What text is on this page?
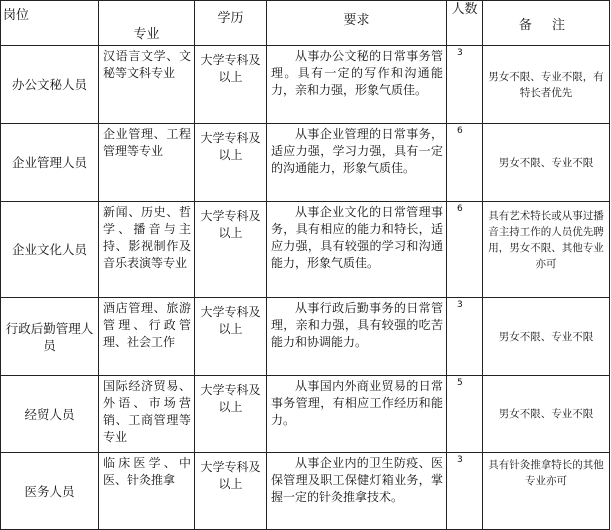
岗位	专业	学历	要求	人数	备 注
办公文秘人员	汉语言文学、文秘等文科专业	大学专科及以上	从事办公文秘的日常事务管理。具有一定的写作和沟通能力，亲和力强，形象气质佳。	3	男女不限、专业不限，有特长者优先
企业管理人员	企业管理、工程管理等专业	大学专科及以上	从事企业管理的日常事务，适应力强，学习力强，具有一定的沟通能力，形象气质佳。	6	男女不限、专业不限
企业文化人员	新闻、历史、哲学、播音与主持、影视制作及音乐表演等专业	大学专科及以上	从事企业文化的日常管理事务，具有相应的能力和特长，适应力强，具有较强的学习和沟通能力，形象气质佳。	6	具有艺术特长或从事过播音主持工作的人员优先聘用，男女不限、其他专业亦可
行政后勤管理人员	酒店管理、旅游管理、行政管理、社会工作	大学专科及以上	从事行政后勤事务的日常管理，亲和力强，具有较强的吃苦能力和协调能力。	3	男女不限、专业不限
经贸人员	国际经济贸易、外语、市场营销、工商管理等专业	大学专科及以上	从事国内外商业贸易的日常事务管理，有相应工作经历和能力。	5	男女不限、专业不限
医务人员	临床医学、中医、针灸推拿	大学专科及以上	从事企业内的卫生防疫、医保管理及职工保健灯箱业务，掌握一定的针灸推拿技术。	3	具有针灸推拿特长的其他专业亦可
